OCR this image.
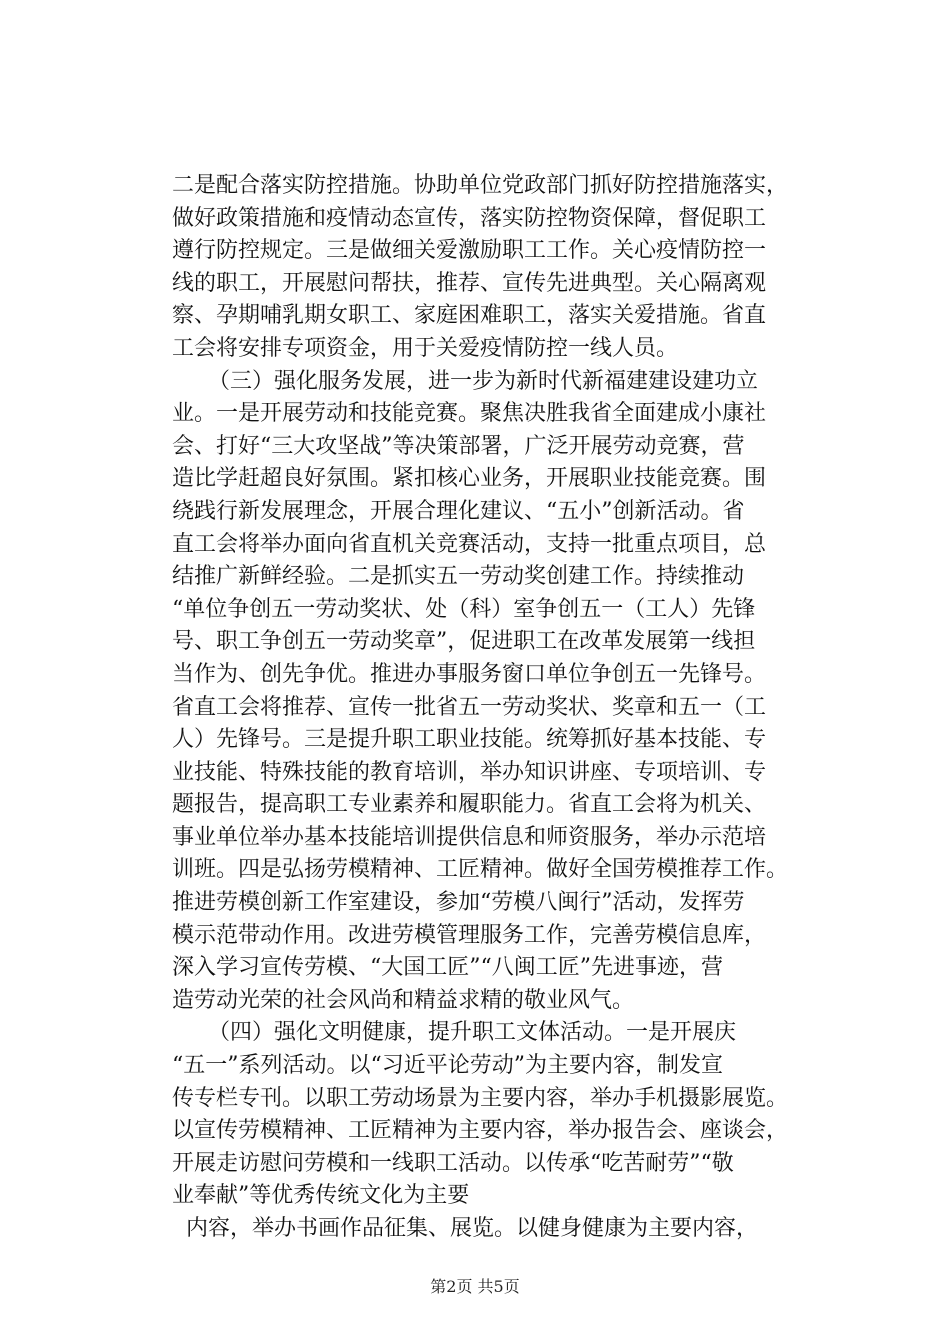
二是配合落实防控措施。协助单位党政部门抓好防控措施落实，
做好政策措施和疫情动态宣传，落实防控物资保障，督促职工
遵行防控规定。三是做细关爱激励职工工作。关心疫情防控一
线的职工，开展慰问帮扶，推荐、宣传先进典型。关心隔离观
察、孕期哺乳期女职工、家庭困难职工，落实关爱措施。省直
工会将安排专项资金，用于关爱疫情防控一线人员。
（三）强化服务发展，进一步为新时代新福建建设建功立
业。一是开展劳动和技能竞赛。聚焦决胜我省全面建成小康社
会、打好“三大攻坚战”等决策部署，广泛开展劳动竞赛，营
造比学赶超良好氛围。紧扣核心业务，开展职业技能竞赛。围
绕践行新发展理念，开展合理化建议、“五小”创新活动。省
直工会将举办面向省直机关竞赛活动，支持一批重点项目，总
结推广新鲜经验。二是抓实五一劳动奖创建工作。持续推动
“单位争创五一劳动奖状、处（科）室争创五一（工人）先锋
号、职工争创五一劳动奖章”，促进职工在改革发展第一线担
当作为、创先争优。推进办事服务窗口单位争创五一先锋号。
省直工会将推荐、宣传一批省五一劳动奖状、奖章和五一（工
人）先锋号。三是提升职工职业技能。统筹抓好基本技能、专
业技能、特殊技能的教育培训，举办知识讲座、专项培训、专
题报告，提高职工专业素养和履职能力。省直工会将为机关、
事业单位举办基本技能培训提供信息和师资服务，举办示范培
训班。四是弘扬劳模精神、工匠精神。做好全国劳模推荐工作。
推进劳模创新工作室建设，参加“劳模八闽行”活动，发挥劳
模示范带动作用。改进劳模管理服务工作，完善劳模信息库，
深入学习宣传劳模、“大国工匠”“八闽工匠”先进事迹，营
造劳动光荣的社会风尚和精益求精的敬业风气。
（四）强化文明健康，提升职工文体活动。一是开展庆
“五一”系列活动。以“习近平论劳动”为主要内容，制发宣
传专栏专刊。以职工劳动场景为主要内容，举办手机摄影展览。
以宣传劳模精神、工匠精神为主要内容，举办报告会、座谈会，
开展走访慰问劳模和一线职工活动。以传承“吃苦耐劳”“敬
业奉献”等优秀传统文化为主要
内容，举办书画作品征集、展览。以健身健康为主要内容，
第2页 共5页
